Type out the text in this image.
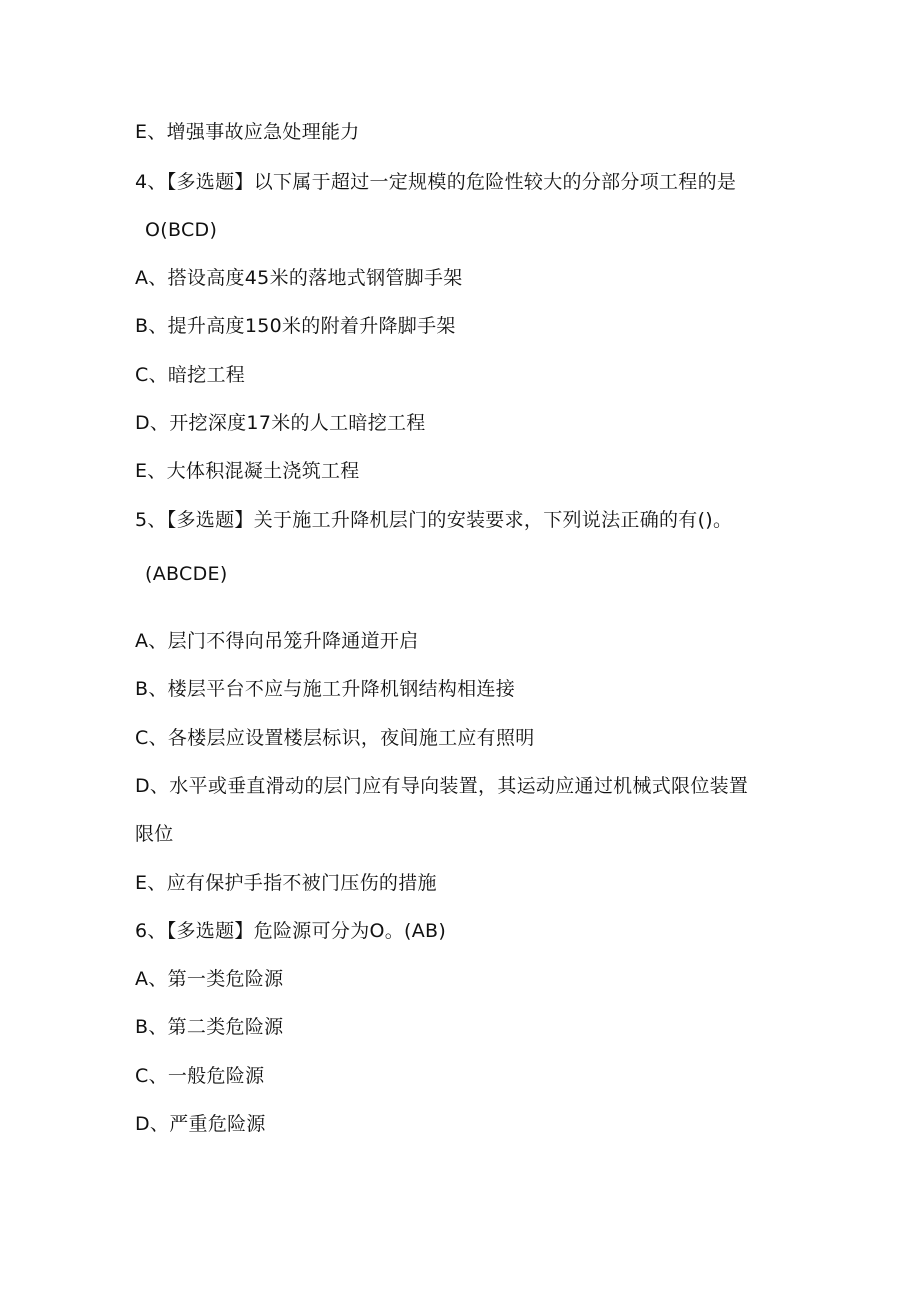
E、增强事故应急处理能力
4、【多选题】以下属于超过一定规模的危险性较大的分部分项工程的是
O(BCD)
A、搭设高度45米的落地式钢管脚手架
B、提升高度150米的附着升降脚手架
C、暗挖工程
D、开挖深度17米的人工暗挖工程
E、大体积混凝土浇筑工程
5、【多选题】关于施工升降机层门的安装要求，下列说法正确的有()。
(ABCDE)
A、层门不得向吊笼升降通道开启
B、楼层平台不应与施工升降机钢结构相连接
C、各楼层应设置楼层标识，夜间施工应有照明
D、水平或垂直滑动的层门应有导向装置，其运动应通过机械式限位装置
限位
E、应有保护手指不被门压伤的措施
6、【多选题】危险源可分为O。(AB)
A、第一类危险源
B、第二类危险源
C、一般危险源
D、严重危险源
